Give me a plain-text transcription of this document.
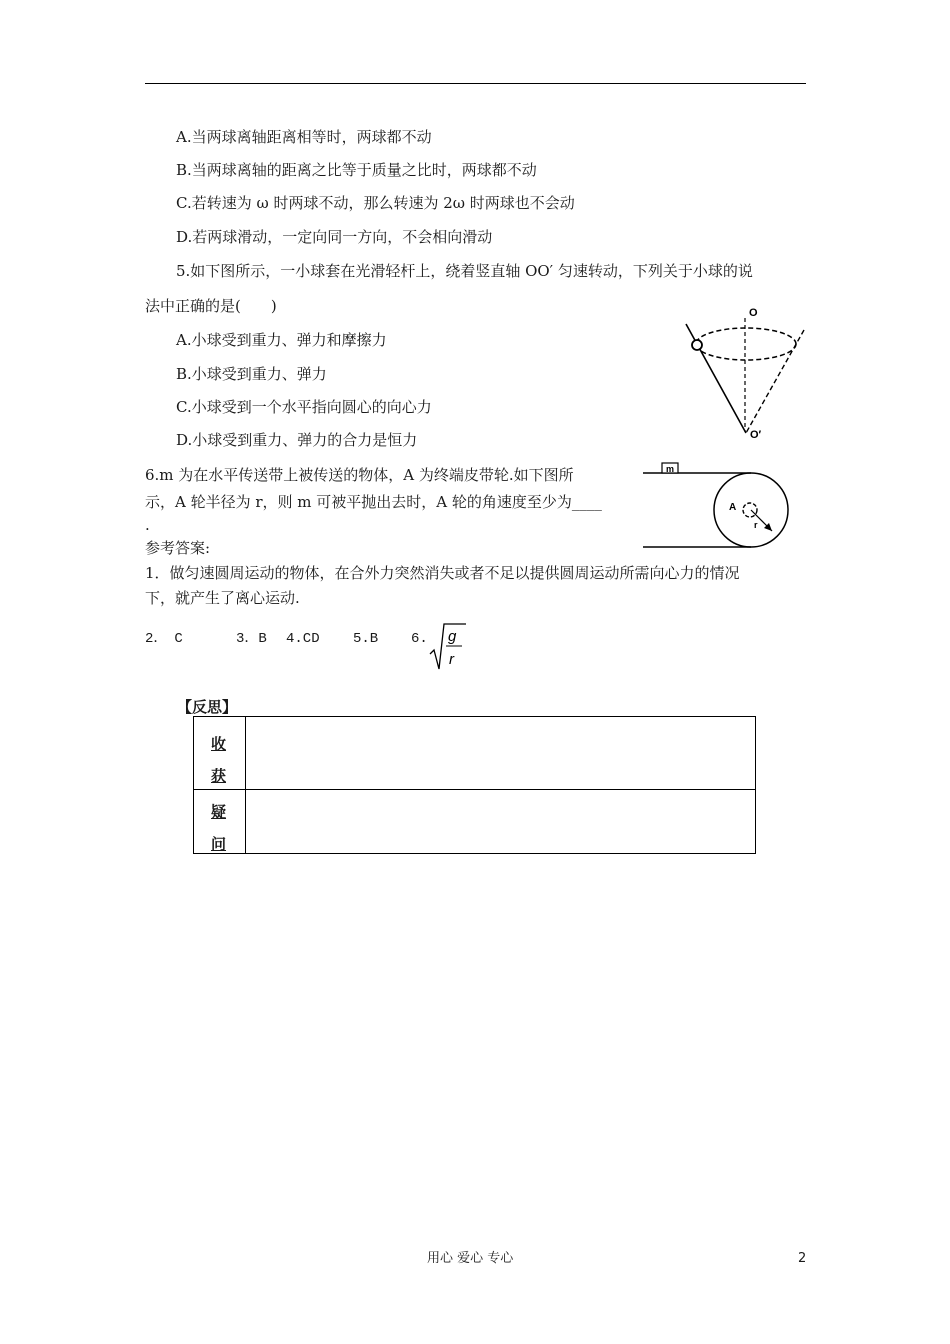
A.当两球离轴距离相等时，两球都不动
B.当两球离轴的距离之比等于质量之比时，两球都不动
C.若转速为 ω 时两球不动，那么转速为 2ω 时两球也不会动
D.若两球滑动，一定向同一方向，不会相向滑动
5.如下图所示，一小球套在光滑轻杆上，绕着竖直轴 OO′ 匀速转动，下列关于小球的说
法中正确的是(　　)
A.小球受到重力、弹力和摩擦力
B.小球受到重力、弹力
C.小球受到一个水平指向圆心的向心力
D.小球受到重力、弹力的合力是恒力
O
O′
6.m 为在水平传送带上被传送的物体，A 为终端皮带轮.如下图所
示，A 轮半径为 r，则 m 可被平抛出去时，A 轮的角速度至少为____
.
m
A
r
参考答案:
1．做匀速圆周运动的物体，在合外力突然消失或者不足以提供圆周运动所需向心力的情况
下，就产生了离心运动.
2．　C	3．B 4.CD 5.B 6. g
r
【反思】
收
获
疑
问
用心 爱心 专心	2
